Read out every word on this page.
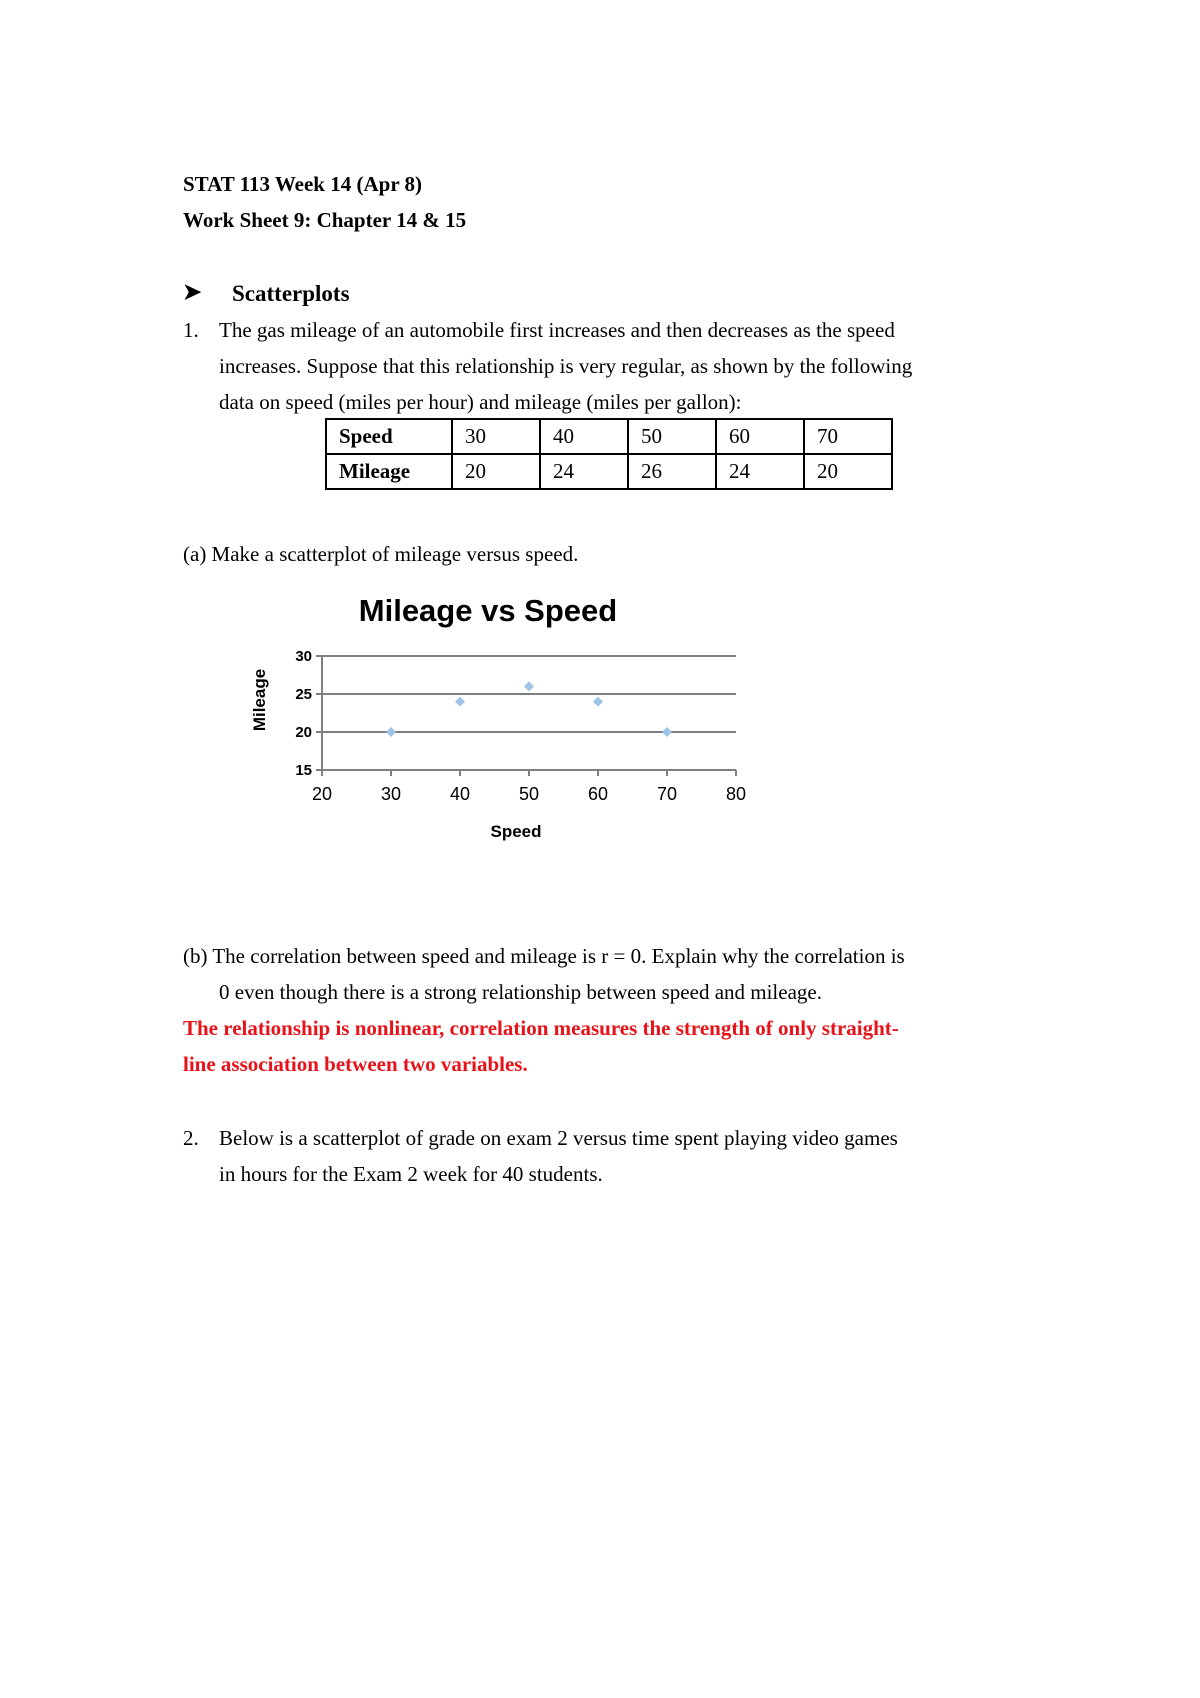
STAT 113 Week 14 (Apr 8)
Work Sheet 9: Chapter 14 & 15
➤ Scatterplots
1. The gas mileage of an automobile first increases and then decreases as the speed
increases. Suppose that this relationship is very regular, as shown by the following
data on speed (miles per hour) and mileage (miles per gallon):
Speed	30	40	50	60	70
Mileage	20	24	26	24	20
(a) Make a scatterplot of mileage versus speed.
Mileage vs Speed
20	30	40	50	60	70	80
15
20
25
30
Speed
Mileage
(b) The correlation between speed and mileage is r = 0. Explain why the correlation is
0 even though there is a strong relationship between speed and mileage.
The relationship is nonlinear, correlation measures the strength of only straight-
line association between two variables.
2. Below is a scatterplot of grade on exam 2 versus time spent playing video games
in hours for the Exam 2 week for 40 students.
